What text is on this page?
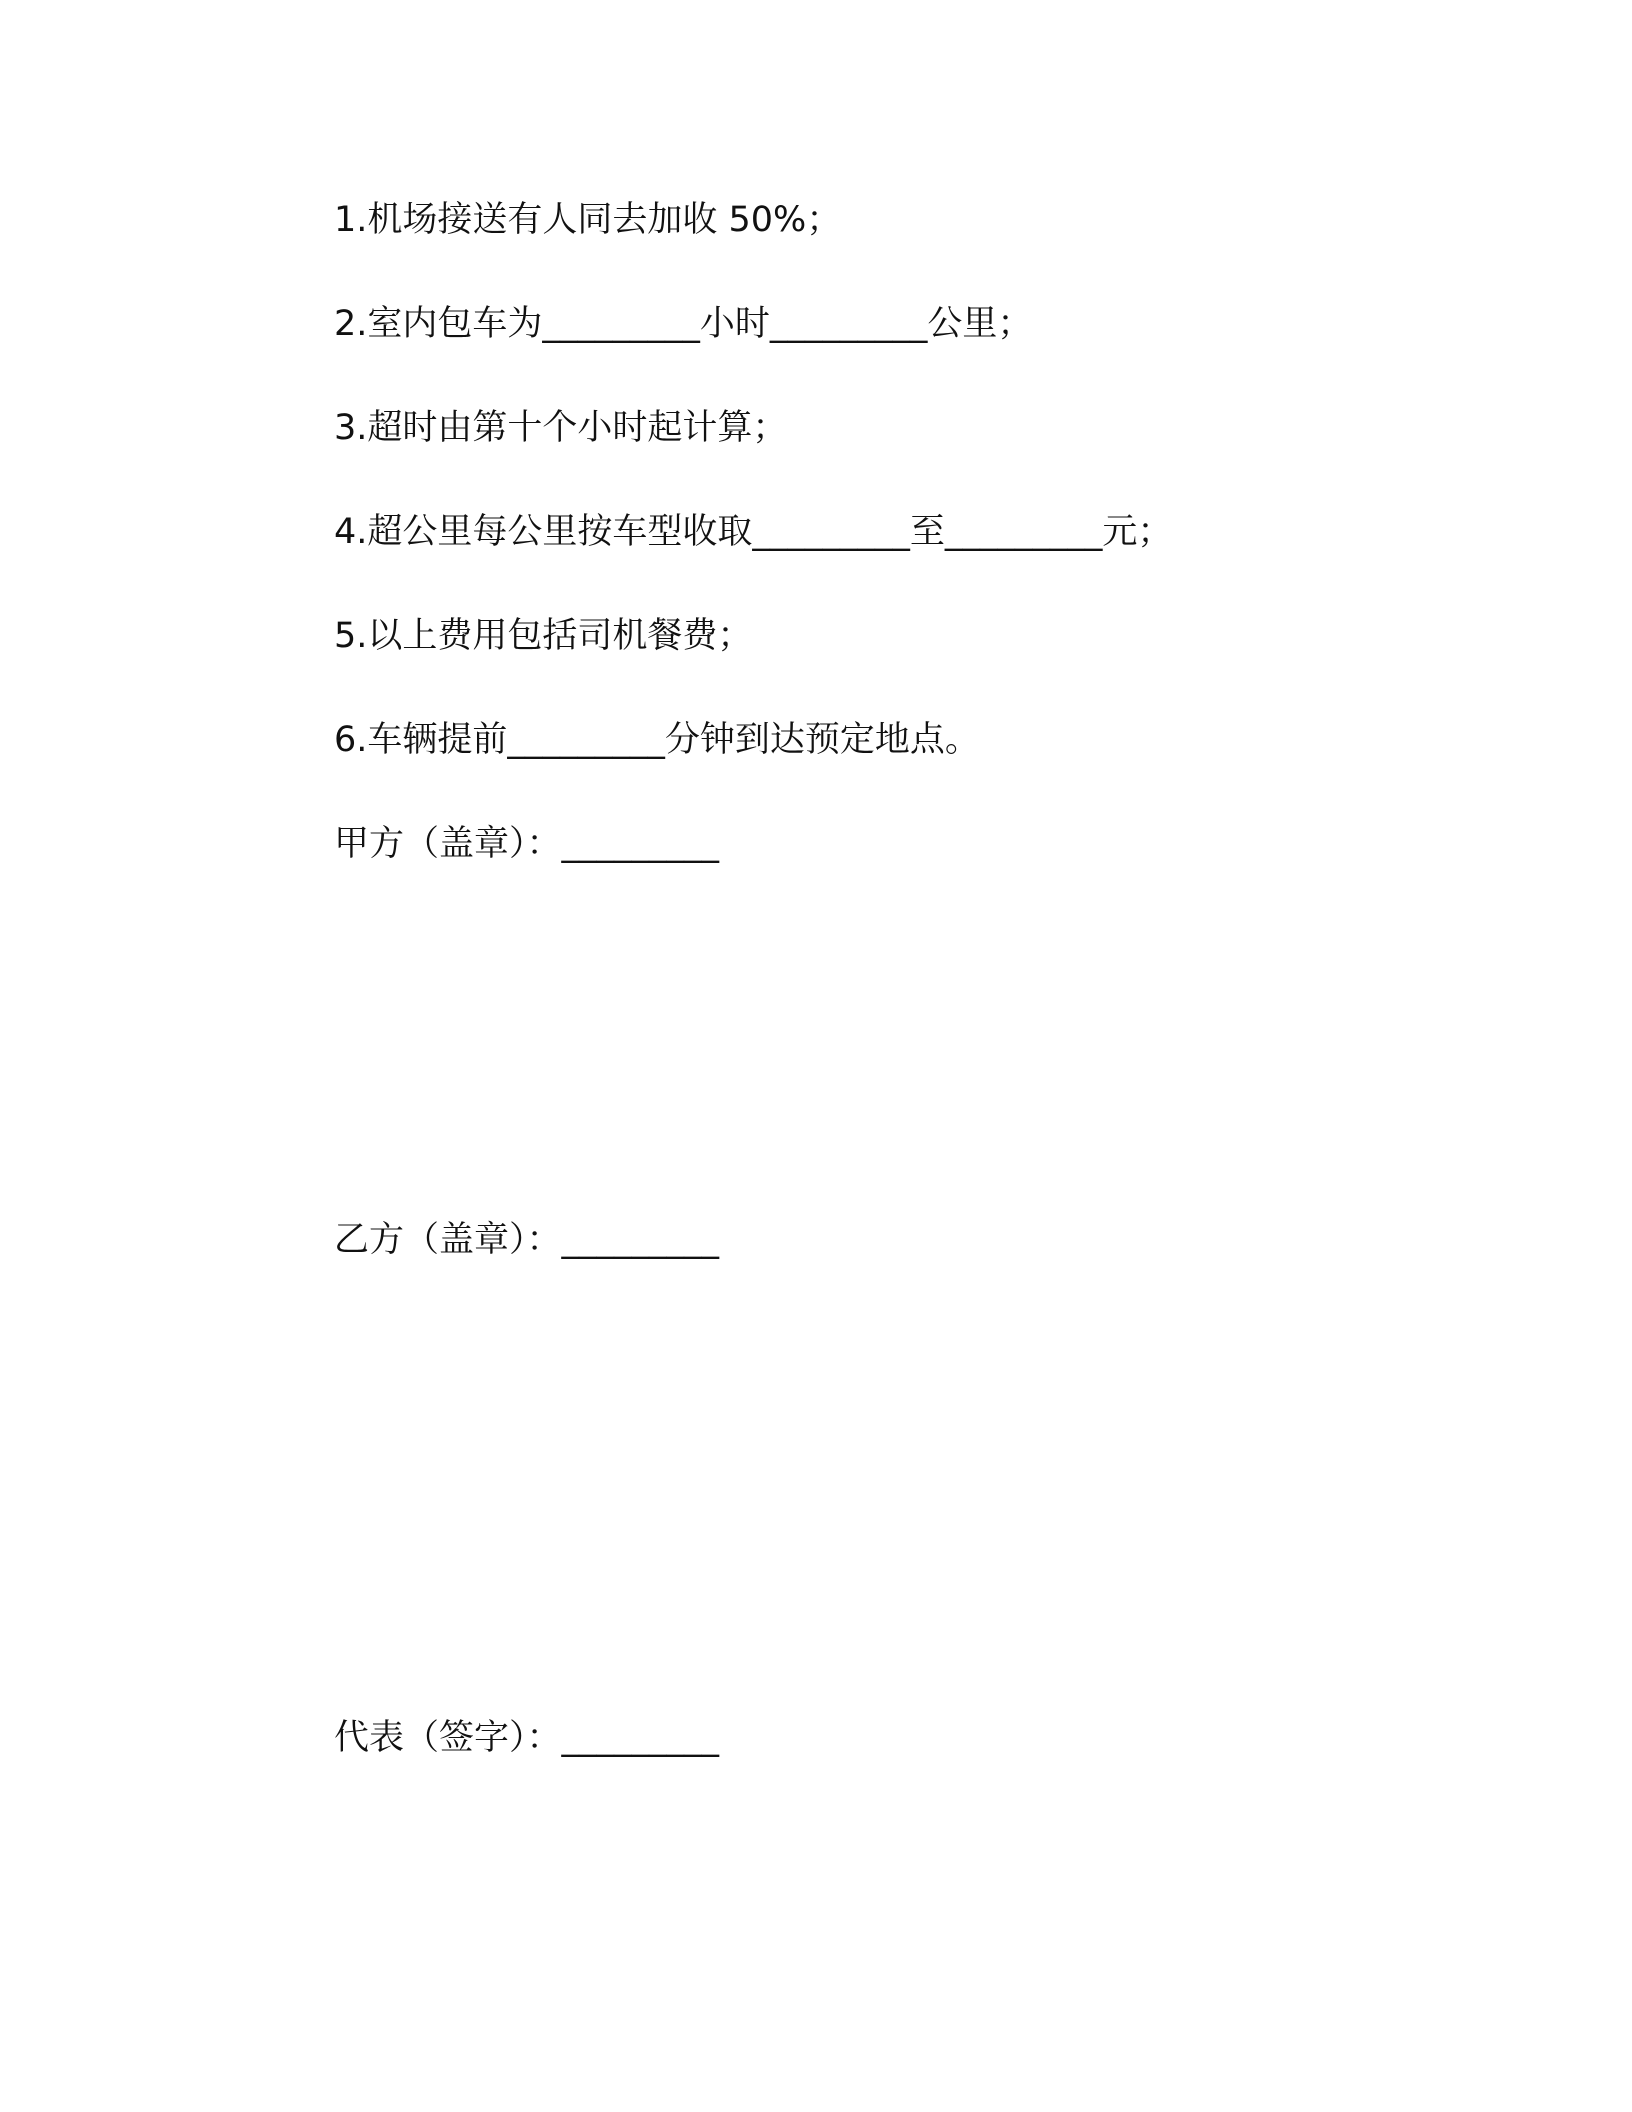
1.机场接送有人同去加收 50%；
2.室内包车为_________小时_________公里；
3.超时由第十个小时起计算；
4.超公里每公里按车型收取_________至_________元；
5.以上费用包括司机餐费；
6.车辆提前_________分钟到达预定地点。
甲方（盖章）：_________
乙方（盖章）：_________
代表（签字）：_________
